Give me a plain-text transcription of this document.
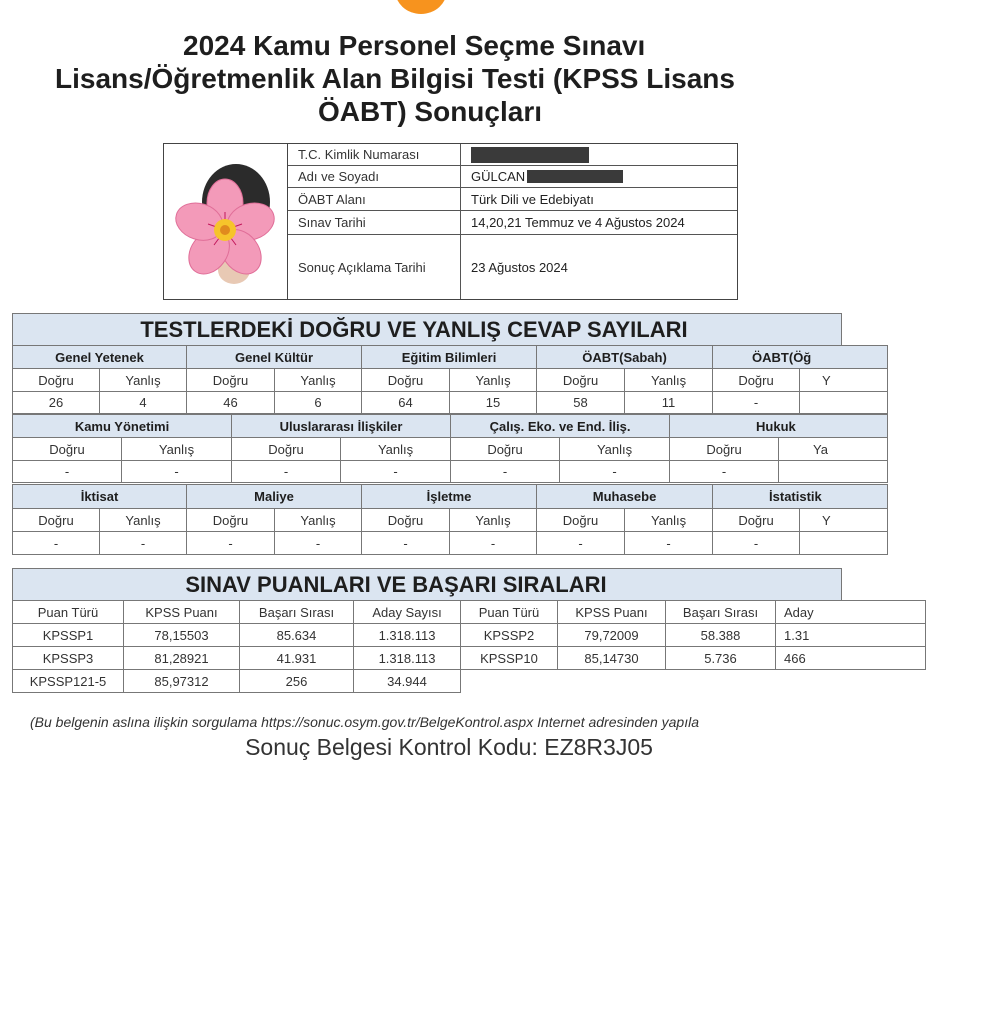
2024 Kamu Personel Seçme Sınavı
Lisans/Öğretmenlik Alan Bilgisi Testi (KPSS Lisans
ÖABT) Sonuçları
T.C. Kimlik Numarası
Adı ve Soyadı	GÜLCAN
ÖABT Alanı	Türk Dili ve Edebiyatı
Sınav Tarihi	14,20,21 Temmuz ve 4 Ağustos 2024
Sonuç Açıklama Tarihi	23 Ağustos 2024
TESTLERDEKİ DOĞRU VE YANLIŞ CEVAP SAYILARI
Genel Yetenek		Genel Kültür		Eğitim Bilimleri		ÖABT(Sabah)		ÖABT(Öğ	
Doğru	Yanlış	Doğru	Yanlış	Doğru	Yanlış	Doğru	Yanlış	Doğru	Y
26	4	46	6	64	15	58	11	-	
Kamu Yönetimi		Uluslararası İlişkiler		Çalış. Eko. ve End. İliş.		Hukuk	
Doğru	Yanlış	Doğru	Yanlış	Doğru	Yanlış	Doğru	Ya
-	-	-	-	-	-	-	
İktisat		Maliye		İşletme		Muhasebe		İstatistik	
Doğru	Yanlış	Doğru	Yanlış	Doğru	Yanlış	Doğru	Yanlış	Doğru	Y
-	-	-	-	-	-	-	-	-	
SINAV PUANLARI VE BAŞARI SIRALARI
Puan Türü	KPSS Puanı	Başarı Sırası	Aday Sayısı	Puan Türü	KPSS Puanı	Başarı Sırası	Aday
KPSSP1	78,15503	85.634	1.318.113	KPSSP2	79,72009	58.388	1.31
KPSSP3	81,28921	41.931	1.318.113	KPSSP10	85,14730	5.736	466
KPSSP121-5	85,97312	256	34.944
(Bu belgenin aslına ilişkin sorgulama https://sonuc.osym.gov.tr/BelgeKontrol.aspx Internet adresinden yapıla
Sonuç Belgesi Kontrol Kodu: EZ8R3J05
